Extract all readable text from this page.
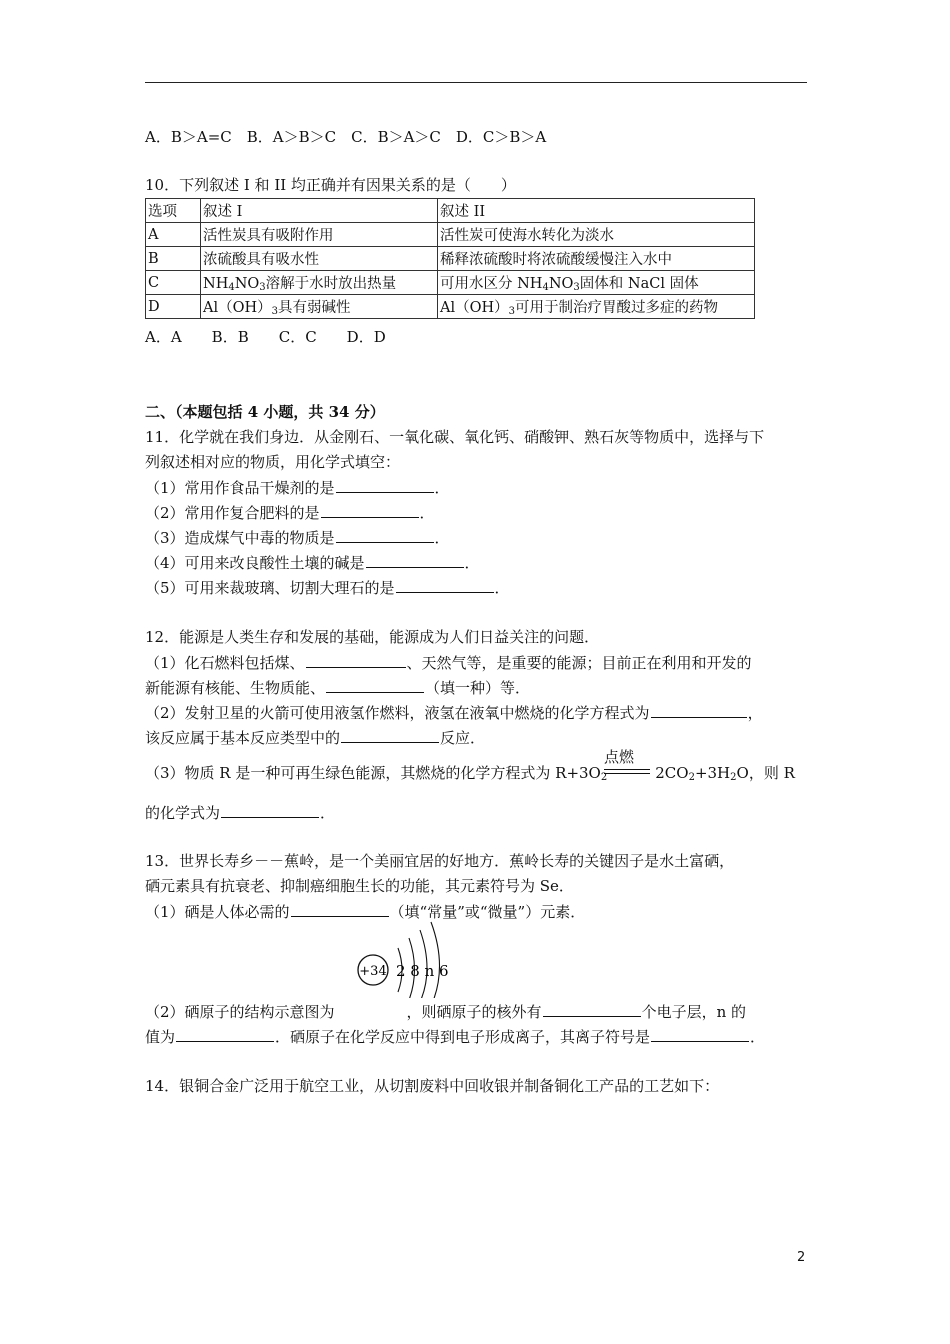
A．B＞A=C　B．A＞B＞C　C．B＞A＞C　D．C＞B＞A
10．下列叙述 I 和 II 均正确并有因果关系的是（　　）
选项	叙述 I	叙述 II
A	活性炭具有吸附作用	活性炭可使海水转化为淡水
B	浓硫酸具有吸水性	稀释浓硫酸时将浓硫酸缓慢注入水中
C	$NH_4NO_3$溶解于水时放出热量	可用水区分 $NH_4NO_3$固体和 NaCl 固体
D	$Al(OH)_3$具有弱碱性	$Al(OH)_3$可用于制治疗胃酸过多症的药物
A．A　　B．B　　C．C　　D．D
二、（本题包括 4 小题，共 34 分）
11．化学就在我们身边．从金刚石、一氧化碳、氧化钙、硝酸钾、熟石灰等物质中，选择与下
列叙述相对应的物质，用化学式填空：
（1）常用作食品干燥剂的是	．
（2）常用作复合肥料的是	．
（3）造成煤气中毒的物质是	．
（4）可用来改良酸性土壤的碱是	．
（5）可用来裁玻璃、切割大理石的是	．
12．能源是人类生存和发展的基础，能源成为人们日益关注的问题．
（1）化石燃料包括煤、	、天然气等，是重要的能源；目前正在利用和开发的
新能源有核能、生物质能、	（填一种）等．
（2）发射卫星的火箭可使用液氢作燃料，液氢在液氧中燃烧的化学方程式为	，
该反应属于基本反应类型中的	反应．
点燃
（3）物质 R 是一种可再生绿色能源，其燃烧的化学方程式为 $R+3O_2$	$2CO_2+3H_2O$，则 R
的化学式为	．
13．世界长寿乡－－蕉岭，是一个美丽宜居的好地方．蕉岭长寿的关键因子是水土富硒，
硒元素具有抗衰老、抑制癌细胞生长的功能，其元素符号为 Se．
（1）硒是人体必需的	（填“常量”或“微量”）元素．
+34 2 8 n 6
（2）硒原子的结构示意图为	，则硒原子的核外有	个电子层，n 的
值为	．硒原子在化学反应中得到电子形成离子，其离子符号是	．
14．银铜合金广泛用于航空工业，从切割废料中回收银并制备铜化工产品的工艺如下：
2
